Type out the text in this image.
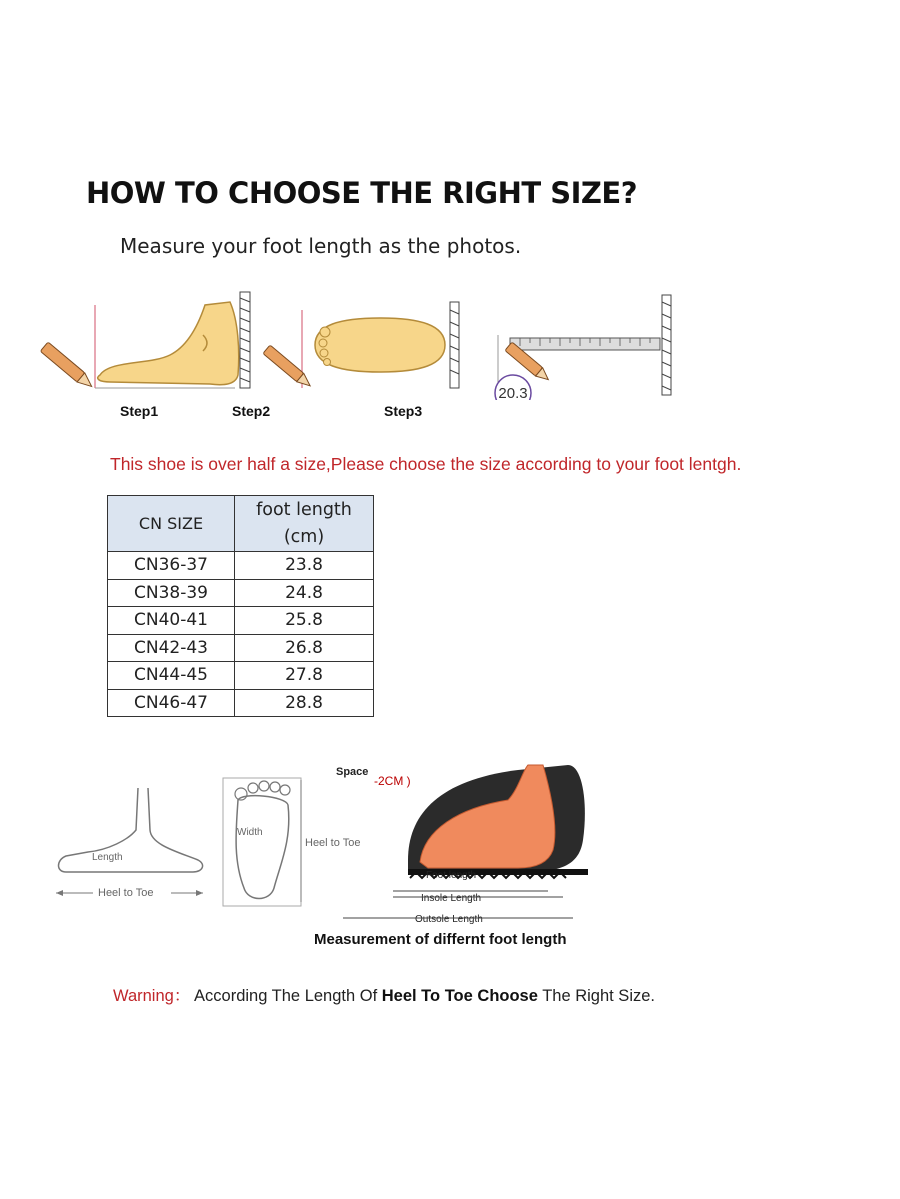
HOW TO CHOOSE THE RIGHT SIZE?
Measure your foot length as the photos.
20.3
Step1	Step2	Step3
This shoe is over half a size,Please choose the size according to your foot lentgh.
CN SIZE	foot length
(cm)
CN36-37	23.8
CN38-39	24.8
CN40-41	25.8
CN42-43	26.8
CN44-45	27.8
CN46-47	28.8
Length
Heel to Toe
Width
Heel to Toe
Space
-2CM )
Foot length
Insole Length
Outsole Length
Measurement of differnt foot length
Warning： According The Length Of Heel To Toe Choose The Right Size.
